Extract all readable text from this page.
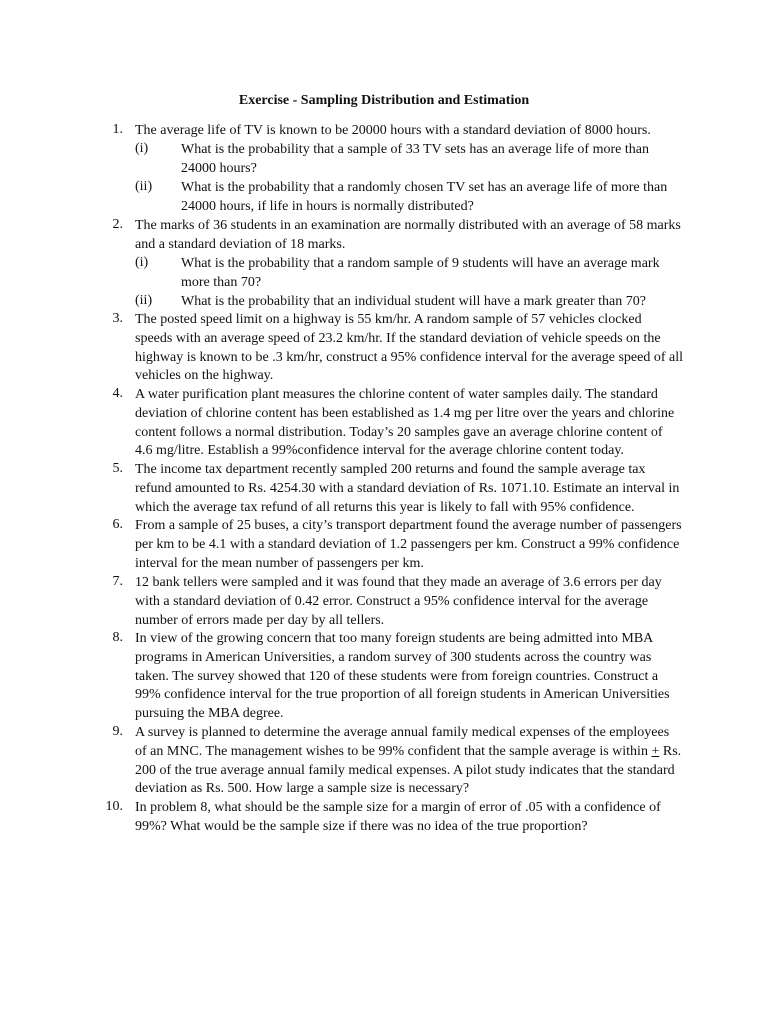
Exercise - Sampling Distribution and Estimation
1. The average life of TV is known to be 20000 hours with a standard deviation of 8000 hours.
(i) What is the probability that a sample of 33 TV sets has an average life of more than
24000 hours?
(ii) What is the probability that a randomly chosen TV set has an average life of more than
24000 hours, if life in hours is normally distributed?
2. The marks of 36 students in an examination are normally distributed with an average of 58 marks
and a standard deviation of 18 marks.
(i) What is the probability that a random sample of 9 students will have an average mark
more than 70?
(ii) What is the probability that an individual student will have a mark greater than 70?
3. The posted speed limit on a highway is 55 km/hr. A random sample of 57 vehicles clocked
speeds with an average speed of 23.2 km/hr. If the standard deviation of vehicle speeds on the
highway is known to be .3 km/hr, construct a 95% confidence interval for the average speed of all
vehicles on the highway.
4. A water purification plant measures the chlorine content of water samples daily. The standard
deviation of chlorine content has been established as 1.4 mg per litre over the years and chlorine
content follows a normal distribution. Today’s 20 samples gave an average chlorine content of
4.6 mg/litre. Establish a 99%confidence interval for the average chlorine content today.
5. The income tax department recently sampled 200 returns and found the sample average tax
refund amounted to Rs. 4254.30 with a standard deviation of Rs. 1071.10. Estimate an interval in
which the average tax refund of all returns this year is likely to fall with 95% confidence.
6. From a sample of 25 buses, a city’s transport department found the average number of passengers
per km to be 4.1 with a standard deviation of 1.2 passengers per km. Construct a 99% confidence
interval for the mean number of passengers per km.
7. 12 bank tellers were sampled and it was found that they made an average of 3.6 errors per day
with a standard deviation of 0.42 error. Construct a 95% confidence interval for the average
number of errors made per day by all tellers.
8. In view of the growing concern that too many foreign students are being admitted into MBA
programs in American Universities, a random survey of 300 students across the country was
taken. The survey showed that 120 of these students were from foreign countries. Construct a
99% confidence interval for the true proportion of all foreign students in American Universities
pursuing the MBA degree.
9. A survey is planned to determine the average annual family medical expenses of the employees
of an MNC. The management wishes to be 99% confident that the sample average is within + Rs.
200 of the true average annual family medical expenses. A pilot study indicates that the standard
deviation as Rs. 500. How large a sample size is necessary?
10. In problem 8, what should be the sample size for a margin of error of .05 with a confidence of
99%? What would be the sample size if there was no idea of the true proportion?
